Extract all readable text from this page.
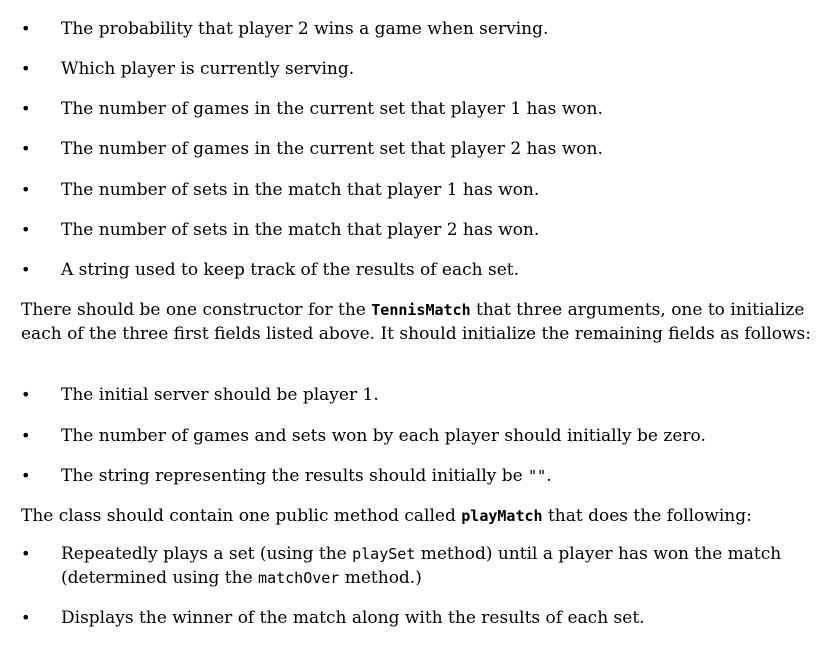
• The probability that player 2 wins a game when serving.
• Which player is currently serving.
• The number of games in the current set that player 1 has won.
• The number of games in the current set that player 2 has won.
• The number of sets in the match that player 1 has won.
• The number of sets in the match that player 2 has won.
• A string used to keep track of the results of each set.
There should be one constructor for the TennisMatch that three arguments, one to initialize each of the three first fields listed above. It should initialize the remaining fields as follows:
• The initial server should be player 1.
• The number of games and sets won by each player should initially be zero.
• The string representing the results should initially be "".
The class should contain one public method called playMatch that does the following:
• Repeatedly plays a set (using the playSet method) until a player has won the match
(determined using the matchOver method.)
• Displays the winner of the match along with the results of each set.
